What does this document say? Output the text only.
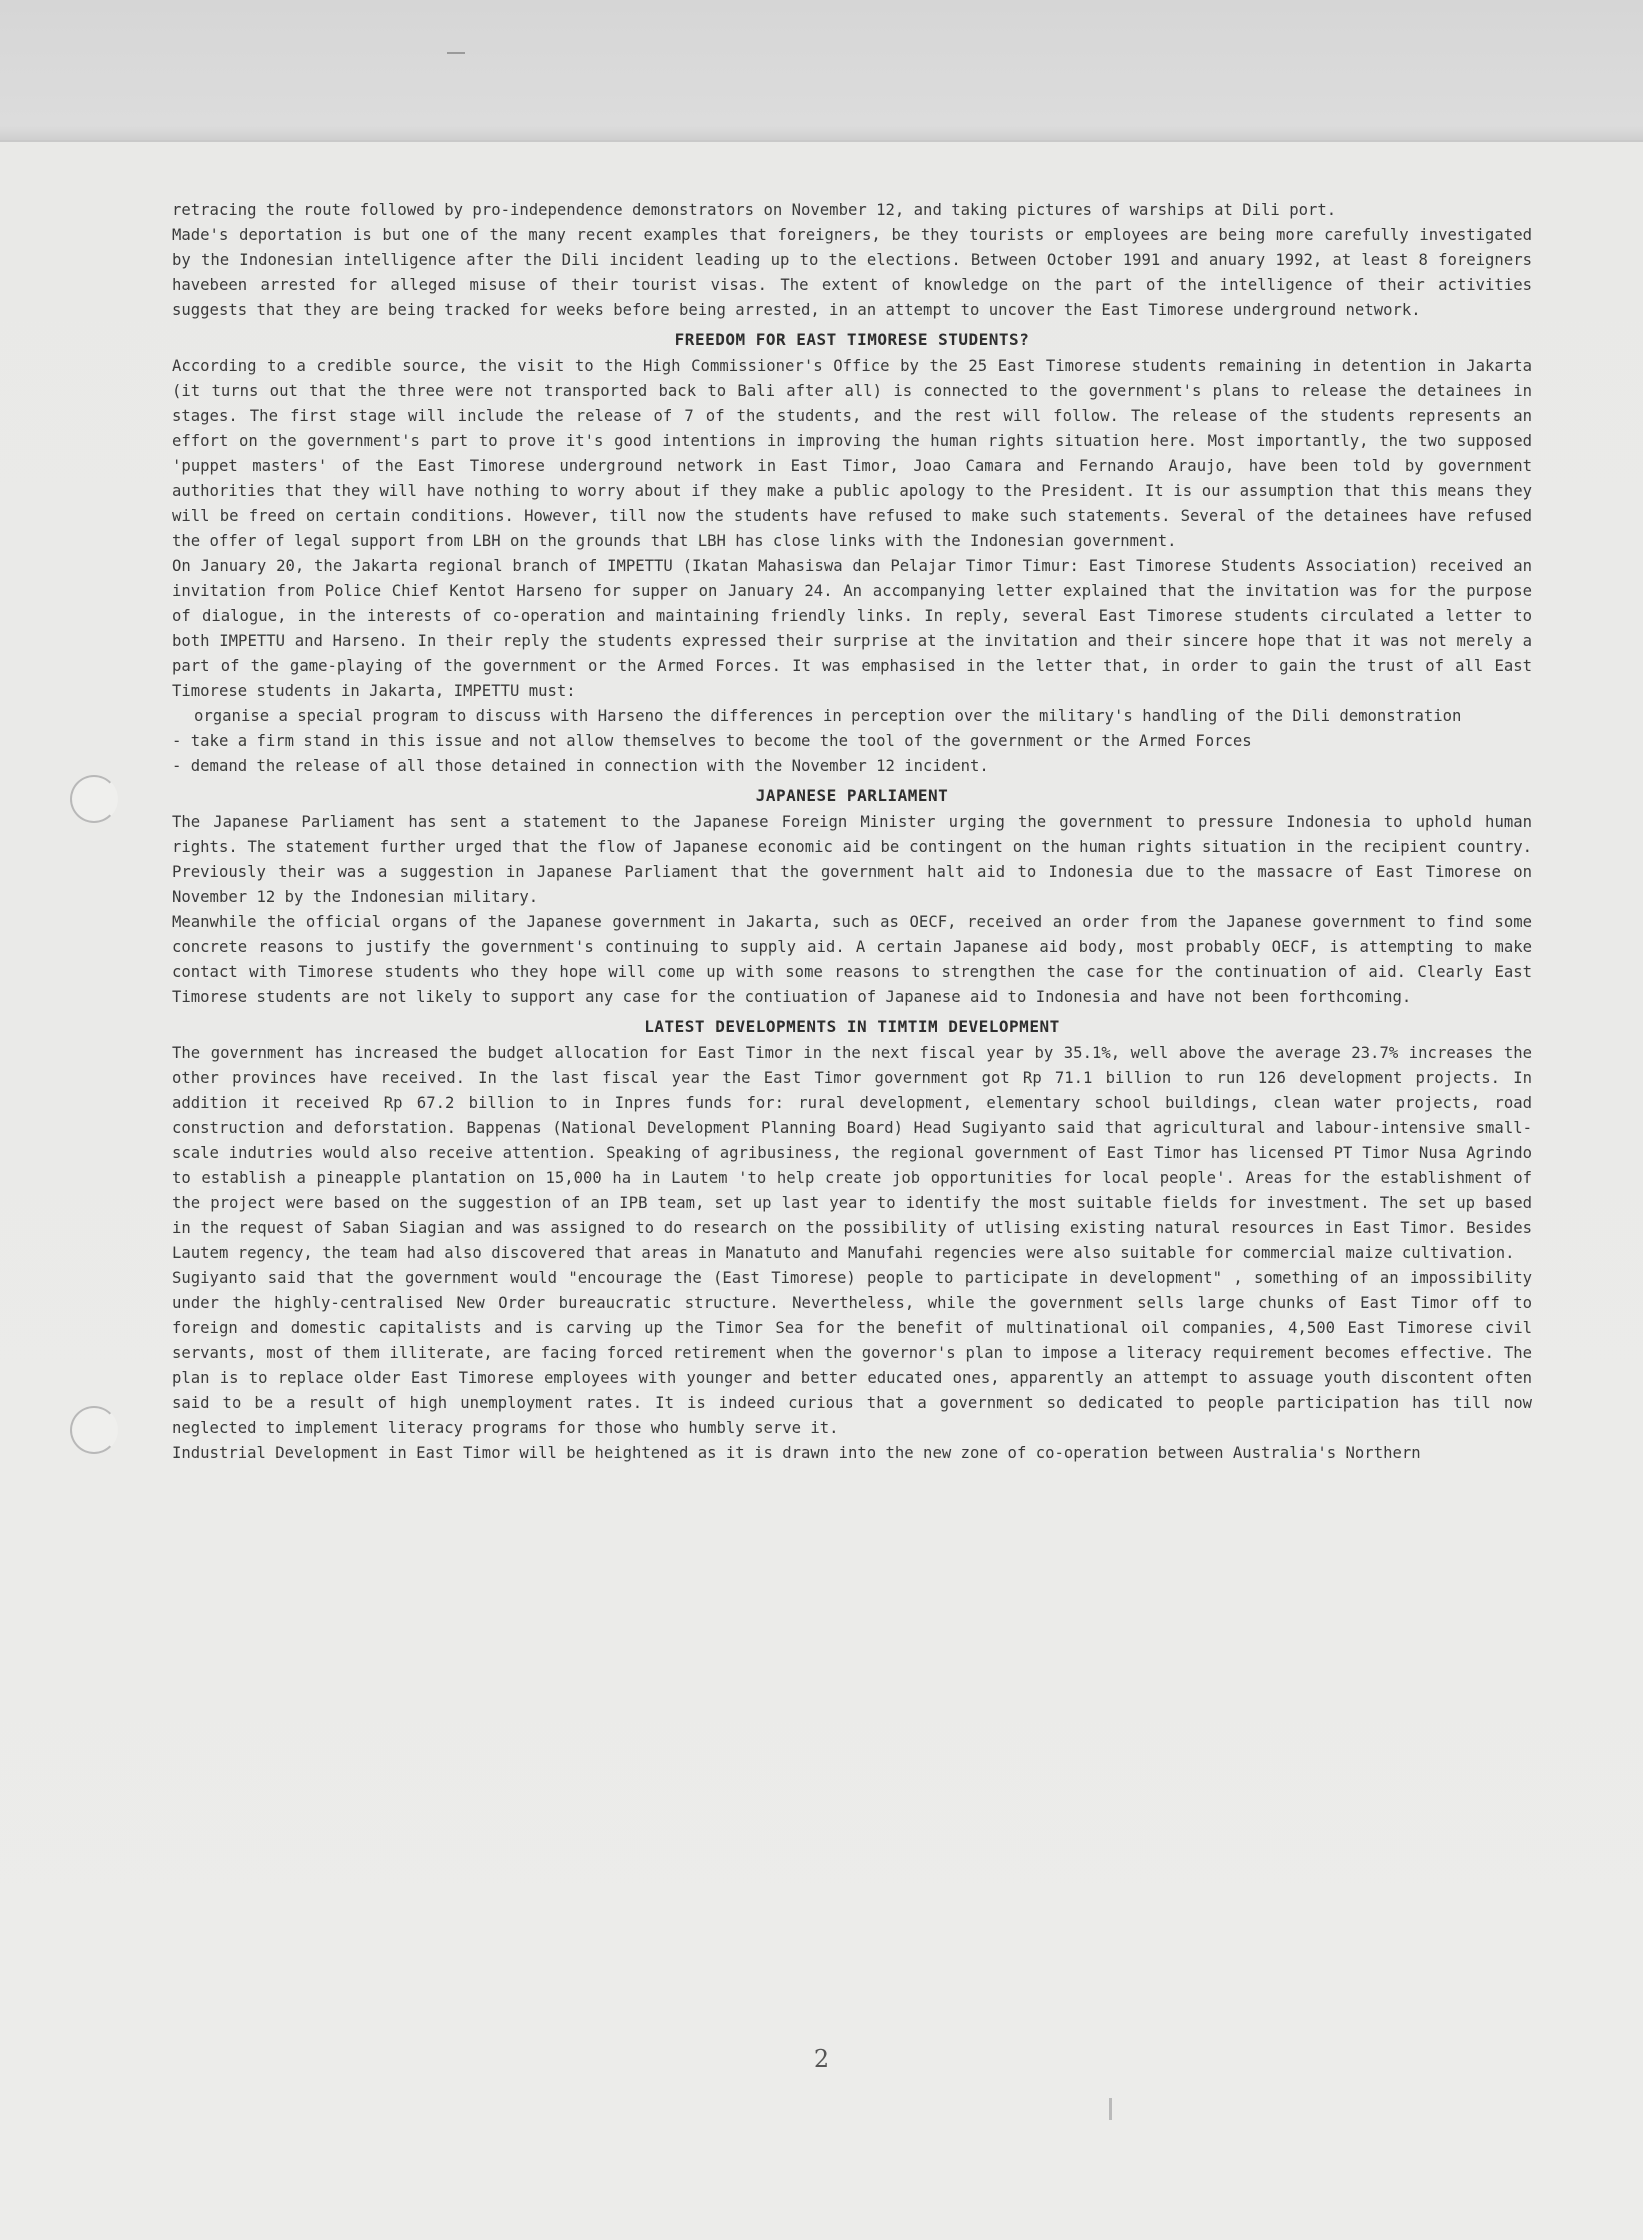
retracing the route followed by pro-independence demonstrators on November 12, and taking pictures of warships at Dili port.

Made's deportation is but one of the many recent examples that foreigners, be they tourists or employees are being more carefully investigated by the Indonesian intelligence after the Dili incident leading up to the elections. Between October 1991 and anuary 1992, at least 8 foreigners havebeen arrested for alleged misuse of their tourist visas. The extent of knowledge on the part of the intelligence of their activities suggests that they are being tracked for weeks before being arrested, in an attempt to uncover the East Timorese underground network.

FREEDOM FOR EAST TIMORESE STUDENTS?

According to a credible source, the visit to the High Commissioner's Office by the 25 East Timorese students remaining in detention in Jakarta (it turns out that the three were not transported back to Bali after all) is connected to the government's plans to release the detainees in stages. The first stage will include the release of 7 of the students, and the rest will follow. The release of the students represents an effort on the government's part to prove it's good intentions in improving the human rights situation here. Most importantly, the two supposed 'puppet masters' of the East Timorese underground network in East Timor, Joao Camara and Fernando Araujo, have been told by government authorities that they will have nothing to worry about if they make a public apology to the President. It is our assumption that this means they will be freed on certain conditions. However, till now the students have refused to make such statements. Several of the detainees have refused the offer of legal support from LBH on the grounds that LBH has close links with the Indonesian government.

On January 20, the Jakarta regional branch of IMPETTU (Ikatan Mahasiswa dan Pelajar Timor Timur: East Timorese Students Association) received an invitation from Police Chief Kentot Harseno for supper on January 24. An accompanying letter explained that the invitation was for the purpose of dialogue, in the interests of co-operation and maintaining friendly links. In reply, several East Timorese students circulated a letter to both IMPETTU and Harseno. In their reply the students expressed their surprise at the invitation and their sincere hope that it was not merely a part of the game-playing of the government or the Armed Forces. It was emphasised in the letter that, in order to gain the trust of all East Timorese students in Jakarta, IMPETTU must:

organise a special program to discuss with Harseno the differences in perception over the military's handling of the Dili demonstration

- take a firm stand in this issue and not allow themselves to become the tool of the government or the Armed Forces

- demand the release of all those detained in connection with the November 12 incident.

JAPANESE PARLIAMENT

The Japanese Parliament has sent a statement to the Japanese Foreign Minister urging the government to pressure Indonesia to uphold human rights. The statement further urged that the flow of Japanese economic aid be contingent on the human rights situation in the recipient country. Previously their was a suggestion in Japanese Parliament that the government halt aid to Indonesia due to the massacre of East Timorese on November 12 by the Indonesian military.

Meanwhile the official organs of the Japanese government in Jakarta, such as OECF, received an order from the Japanese government to find some concrete reasons to justify the government's continuing to supply aid. A certain Japanese aid body, most probably OECF, is attempting to make contact with Timorese students who they hope will come up with some reasons to strengthen the case for the continuation of aid. Clearly East Timorese students are not likely to support any case for the contiuation of Japanese aid to Indonesia and have not been forthcoming.

LATEST DEVELOPMENTS IN TIMTIM DEVELOPMENT

The government has increased the budget allocation for East Timor in the next fiscal year by 35.1%, well above the average 23.7% increases the other provinces have received. In the last fiscal year the East Timor government got Rp 71.1 billion to run 126 development projects. In addition it received Rp 67.2 billion to in Inpres funds for: rural development, elementary school buildings, clean water projects, road construction and deforstation. Bappenas (National Development Planning Board) Head Sugiyanto said that agricultural and labour-intensive small-scale indutries would also receive attention. Speaking of agribusiness, the regional government of East Timor has licensed PT Timor Nusa Agrindo to establish a pineapple plantation on 15,000 ha in Lautem 'to help create job opportunities for local people'. Areas for the establishment of the project were based on the suggestion of an IPB team, set up last year to identify the most suitable fields for investment. The set up based in the request of Saban Siagian and was assigned to do research on the possibility of utlising existing natural resources in East Timor. Besides Lautem regency, the team had also discovered that areas in Manatuto and Manufahi regencies were also suitable for commercial maize cultivation.

Sugiyanto said that the government would "encourage the (East Timorese) people to participate in development" , something of an impossibility under the highly-centralised New Order bureaucratic structure. Nevertheless, while the government sells large chunks of East Timor off to foreign and domestic capitalists and is carving up the Timor Sea for the benefit of multinational oil companies, 4,500 East Timorese civil servants, most of them illiterate, are facing forced retirement when the governor's plan to impose a literacy requirement becomes effective. The plan is to replace older East Timorese employees with younger and better educated ones, apparently an attempt to assuage youth discontent often said to be a result of high unemployment rates. It is indeed curious that a government so dedicated to people participation has till now neglected to implement literacy programs for those who humbly serve it.

Industrial Development in East Timor will be heightened as it is drawn into the new zone of co-operation between Australia's Northern

2
